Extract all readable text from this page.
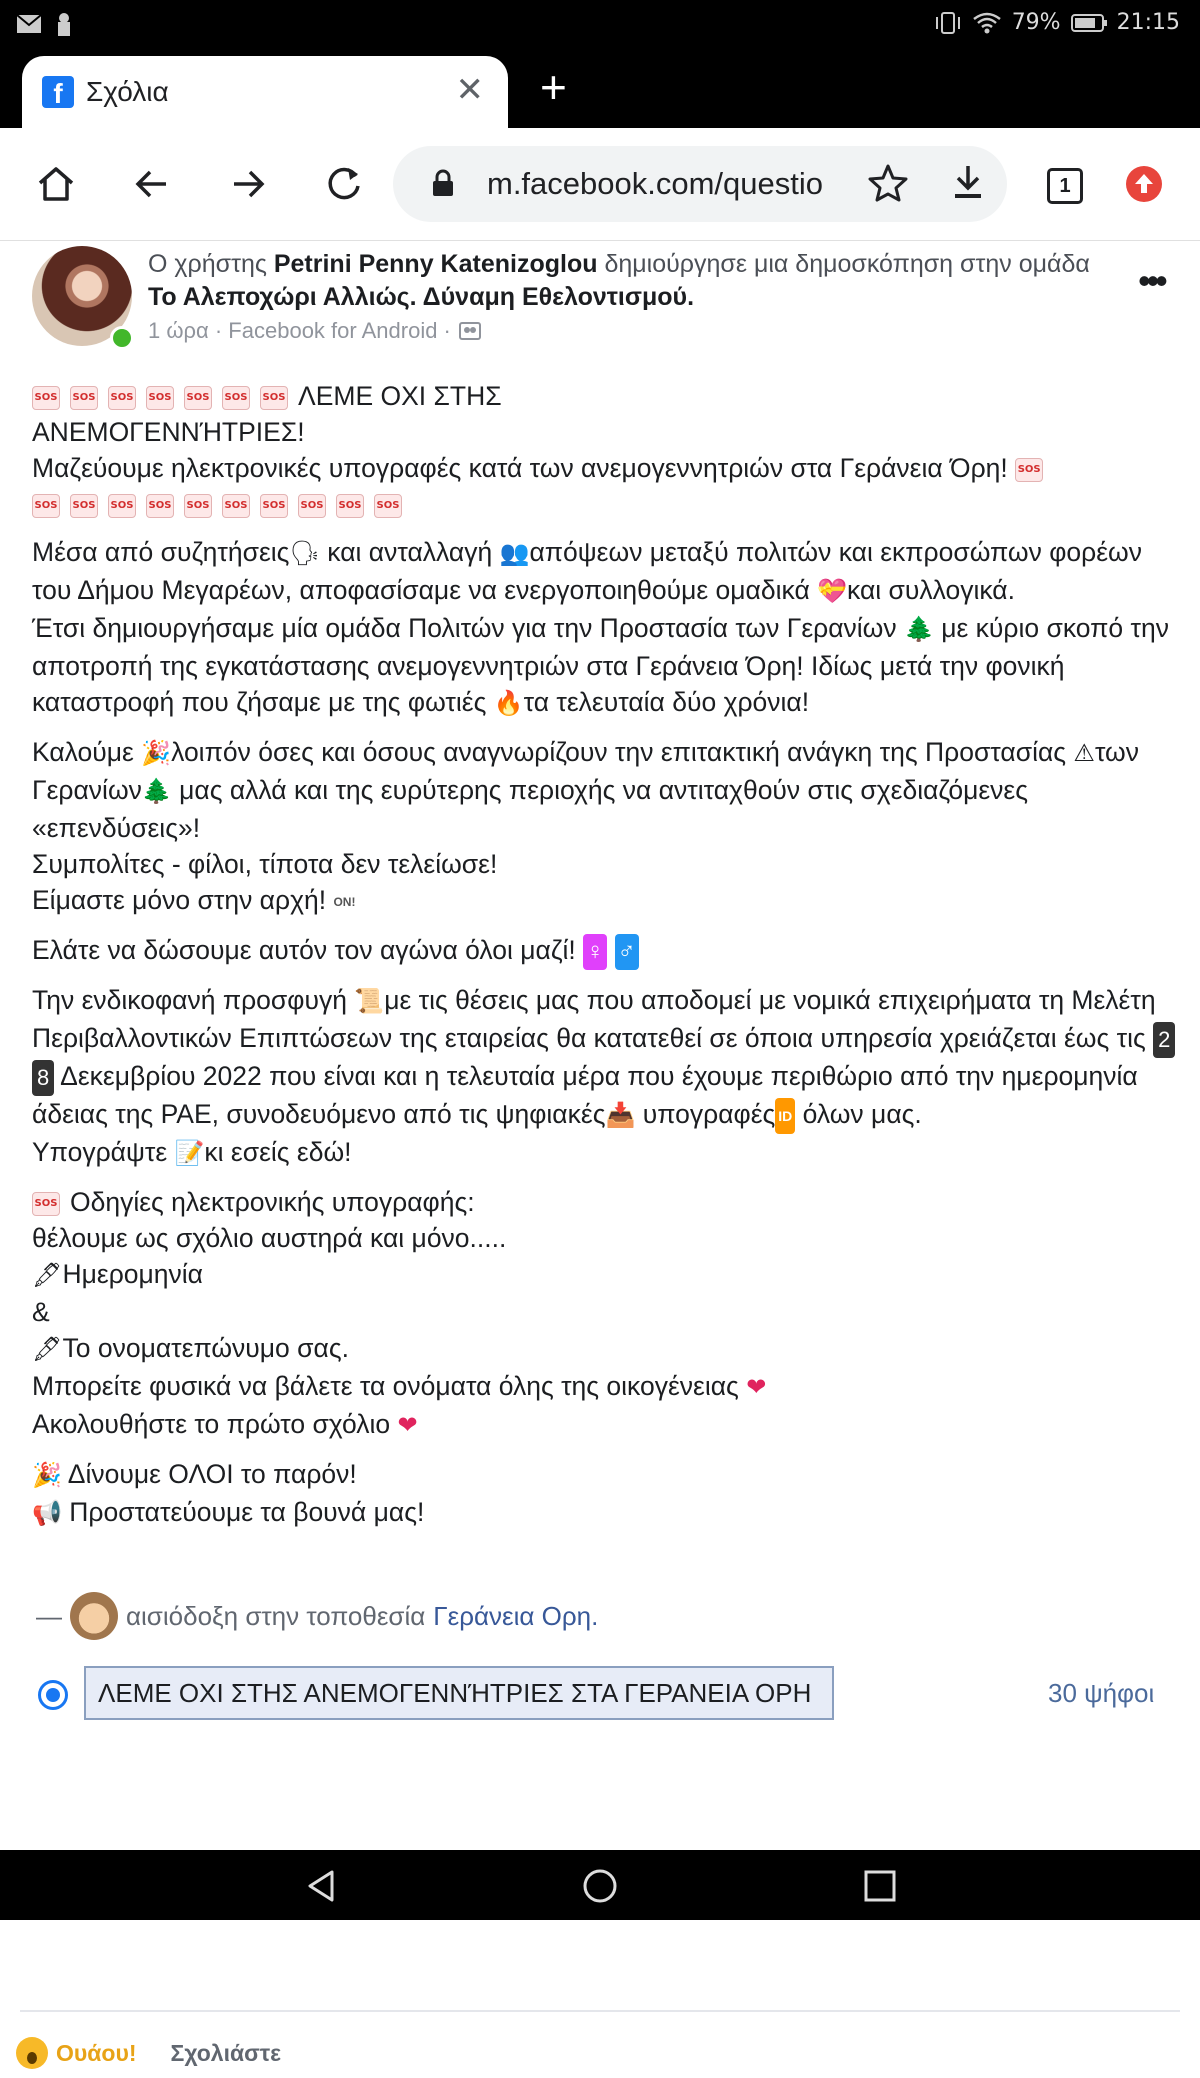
79%	21:15
f Σχόλια	✕ +
m.facebook.com/questio	1
Ο χρήστης Petrini Penny Katenizoglou δημιούργησε μια δημοσκόπηση στην ομάδα Το Αλεποχώρι Αλλιώς. Δύναμη Εθελοντισμού.
1 ώρα · Facebook for Android ·
•••

SOS SOS SOS SOS SOS SOS SOS ΛΕΜΕ ΟΧΙ ΣΤΗΣ
ΑΝΕΜΟΓΕΝΝΉΤΡΙΕΣ!
Μαζεύουμε ηλεκτρονικές υπογραφές κατά των ανεμογεννητριών στα Γεράνεια Όρη! SOS
SOS SOS SOS SOS SOS SOS SOS SOS SOS SOS

Μέσα από συζητήσεις🗣 και ανταλλαγή 👥απόψεων μεταξύ πολιτών και εκπροσώπων φορέων του Δήμου Μεγαρέων, αποφασίσαμε να ενεργοποιηθούμε ομαδικά 💝και συλλογικά.
Έτσι δημιουργήσαμε μία ομάδα Πολιτών για την Προστασία των Γερανίων 🌲 με κύριο σκοπό την αποτροπή της εγκατάστασης ανεμογεννητριών στα Γεράνεια Όρη! Ιδίως μετά την φονική καταστροφή που ζήσαμε με της φωτιές 🔥τα τελευταία δύο χρόνια!

Καλούμε 🎉λοιπόν όσες και όσους αναγνωρίζουν την επιτακτική ανάγκη της Προστασίας ⚠των Γερανίων🌲 μας αλλά και της ευρύτερης περιοχής να αντιταχθούν στις σχεδιαζόμενες «επενδύσεις»!
Συμπολίτες - φίλοι, τίποτα δεν τελείωσε!
Είμαστε μόνο στην αρχή! ON!

Ελάτε να δώσουμε αυτόν τον αγώνα όλοι μαζί! ♀ ♂

Την ενδικοφανή προσφυγή 📜με τις θέσεις μας που αποδομεί με νομικά επιχειρήματα τη Μελέτη Περιβαλλοντικών Επιπτώσεων της εταιρείας θα κατατεθεί σε όποια υπηρεσία χρειάζεται έως τις 2 8 Δεκεμβρίου 2022 που είναι και η τελευταία μέρα που έχουμε περιθώριο από την ημερομηνία άδειας της ΡΑΕ, συνοδευόμενο από τις ψηφιακές📥 υπογραφές ID όλων μας.
Υπογράψτε 📝κι εσείς εδώ!

SOS Οδηγίες ηλεκτρονικής υπογραφής:
θέλουμε ως σχόλιο αυστηρά και μόνο.....
🖋Ημερομηνία
&
🖋Το ονοματεπώνυμο σας.
Μπορείτε φυσικά να βάλετε τα ονόματα όλης της οικογένειας ❤
Ακολουθήστε το πρώτο σχόλιο ❤

🎉 Δίνουμε ΟΛΟΙ το παρόν!
📢 Προστατεύουμε τα βουνά μας!

— αισιόδοξη στην τοποθεσία Γεράνεια Ορη.
ΛΕΜΕ ΟΧΙ ΣΤΗΣ ΑΝΕΜΟΓΕΝΝΉΤΡΙΕΣ ΣΤΑ ΓΕΡΑΝΕΙΑ ΟΡΗ	30 ψήφοι
Ουάου! Σχολιάστε
